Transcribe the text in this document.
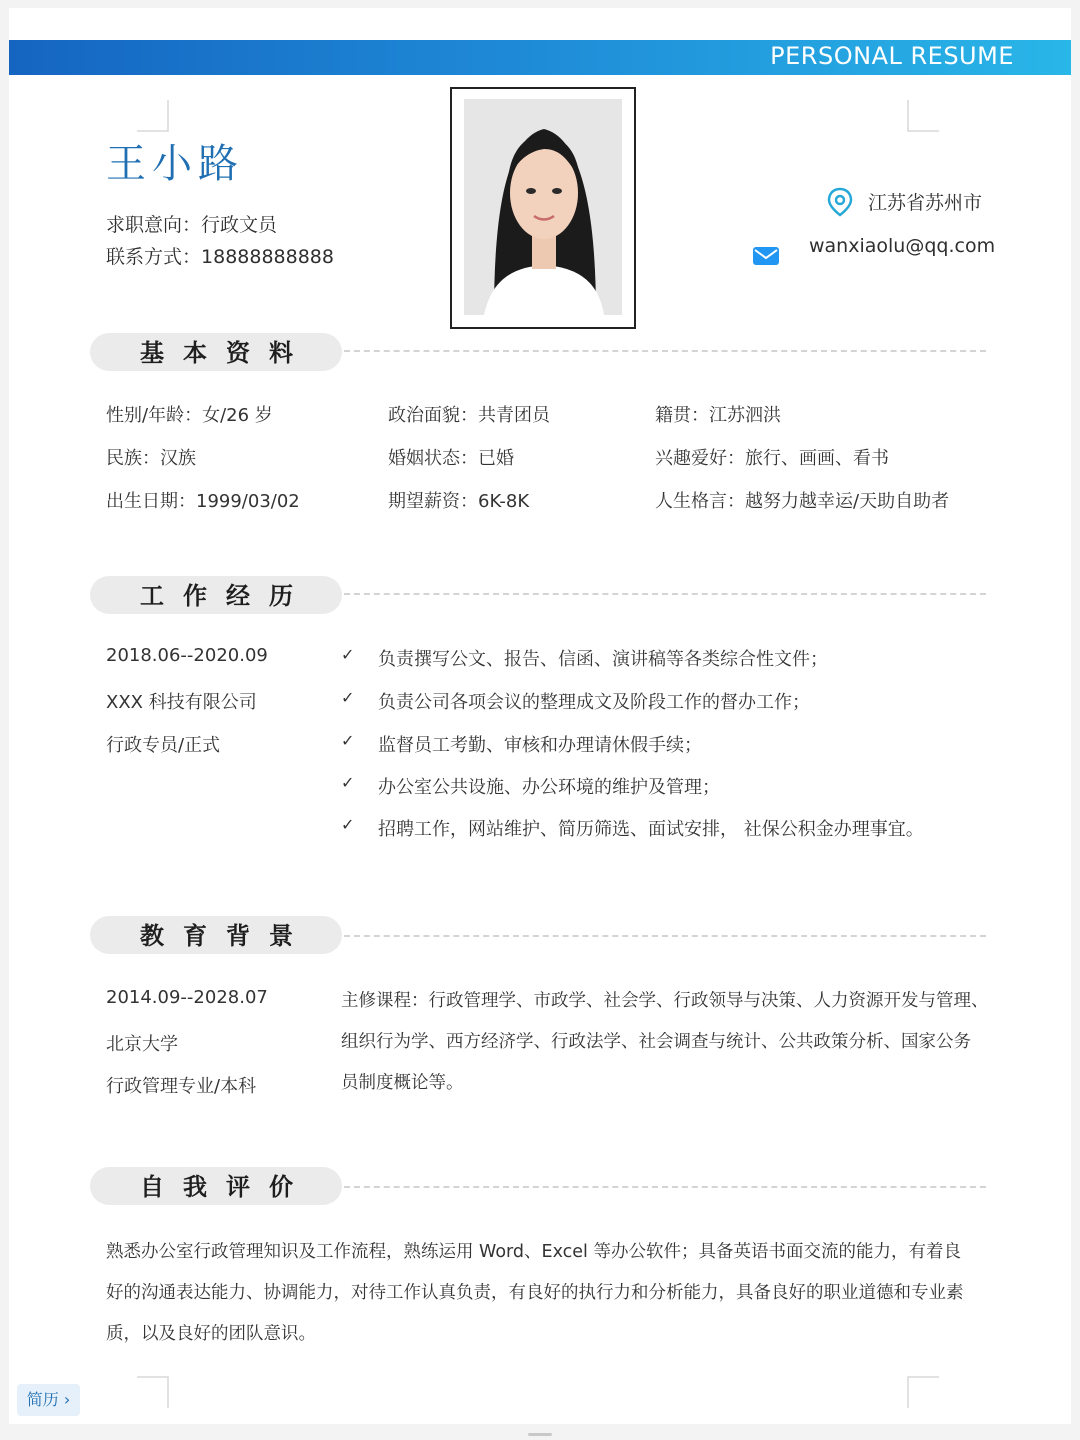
PERSONAL RESUME
王小路
求职意向：行政文员
联系方式：18888888888
江苏省苏州市
wanxiaolu@qq.com
基本资料
性别/年龄：女/26 岁	政治面貌：共青团员	籍贯：江苏泗洪
民族：汉族	婚姻状态：已婚	兴趣爱好：旅行、画画、看书
出生日期：1999/03/02	期望薪资：6K-8K	人生格言：越努力越幸运/天助自助者
工作经历
2018.06--2020.09
XXX 科技有限公司
行政专员/正式
✓ 负责撰写公文、报告、信函、演讲稿等各类综合性文件；
✓ 负责公司各项会议的整理成文及阶段工作的督办工作；
✓ 监督员工考勤、审核和办理请休假手续；
✓ 办公室公共设施、办公环境的维护及管理；
✓ 招聘工作，网站维护、简历筛选、面试安排， 社保公积金办理事宜。
教育背景
2014.09--2028.07
北京大学
行政管理专业/本科
主修课程：行政管理学、市政学、社会学、行政领导与决策、人力资源开发与管理、
组织行为学、西方经济学、行政法学、社会调查与统计、公共政策分析、国家公务
员制度概论等。
自我评价
熟悉办公室行政管理知识及工作流程，熟练运用 Word、Excel 等办公软件；具备英语书面交流的能力，有着良
好的沟通表达能力、协调能力，对待工作认真负责，有良好的执行力和分析能力，具备良好的职业道德和专业素
质，以及良好的团队意识。
简历 ›
